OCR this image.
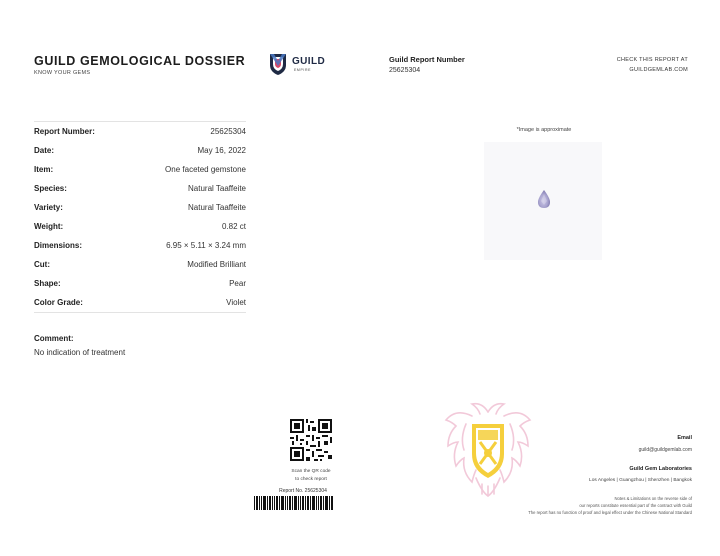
GUILD GEMOLOGICAL DOSSIER
KNOW YOUR GEMS
GUILD
EMPIRE
Guild Report Number
25625304
CHECK THIS REPORT AT
GUILDGEMLAB.COM
Report Number:	25625304
Date:	May 16, 2022
Item:	One faceted gemstone
Species:	Natural Taaffeite
Variety:	Natural Taaffeite
Weight:	0.82 ct
Dimensions:	6.95 × 5.11 × 3.24 mm
Cut:	Modified Brilliant
Shape:	Pear
Color Grade:	Violet
Comment:
No indication of treatment
*Image is approximate
Scan the QR code
to check report
Report No. 25625304
Email
guild@guildgemlab.com
Guild Gem Laboratories
Los Angeles | Guangzhou | Shenzhen | Bangkok
Notes & Limitations on the reverse side of
our reports constitute essential part of the contract with Guild
The report has no function of proof and legal effect under the Chinese National Standard
